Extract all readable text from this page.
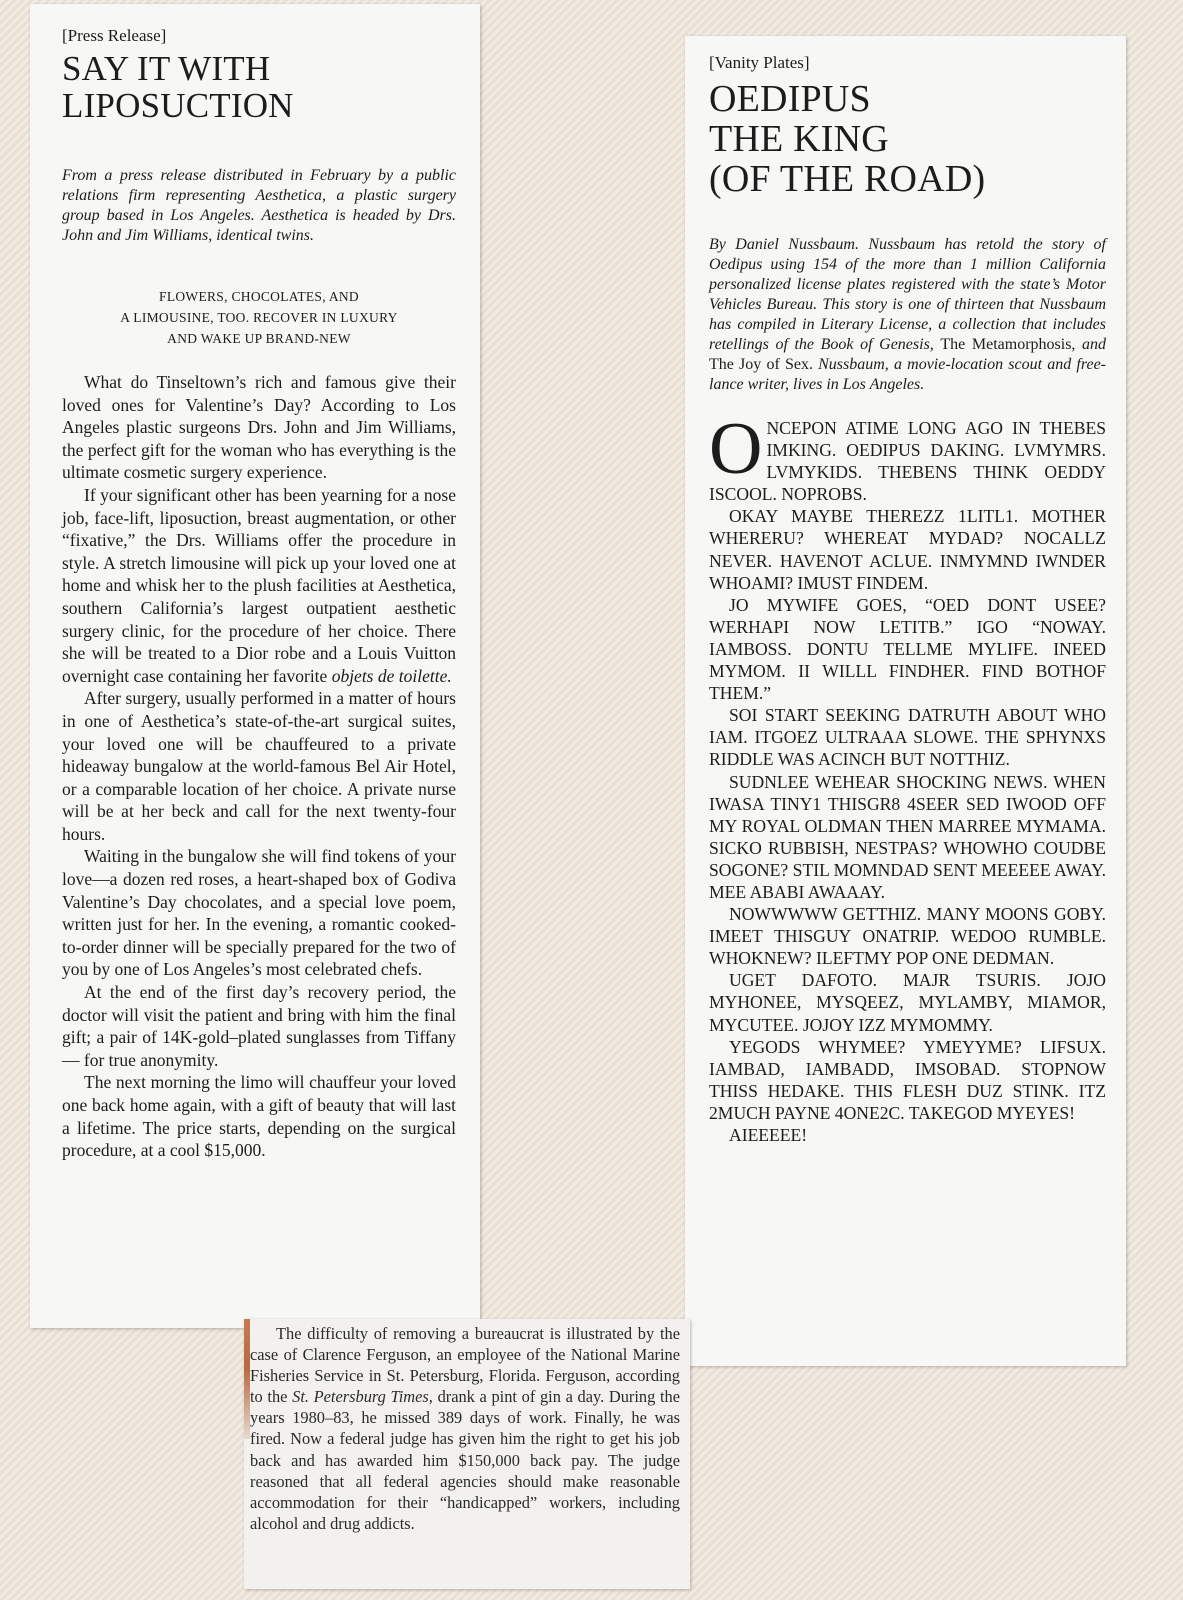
[Press Release]

SAY IT WITH
LIPOSUCTION

From a press release distributed in February by a public relations firm representing Aesthetica, a plastic surgery group based in Los Angeles. Aesthetica is headed by Drs. John and Jim Williams, identical twins.

FLOWERS, CHOCOLATES, AND
A LIMOUSINE, TOO. RECOVER IN LUXURY
AND WAKE UP BRAND-NEW

What do Tinseltown’s rich and famous give their loved ones for Valentine’s Day? According to Los Angeles plastic surgeons Drs. John and Jim Williams, the perfect gift for the woman who has everything is the ultimate cosmetic surgery experience.

If your significant other has been yearning for a nose job, face-lift, liposuction, breast augmentation, or other “fixative,” the Drs. Williams offer the procedure in style. A stretch limousine will pick up your loved one at home and whisk her to the plush facilities at Aesthetica, southern California’s largest outpatient aesthetic surgery clinic, for the procedure of her choice. There she will be treated to a Dior robe and a Louis Vuitton overnight case containing her favorite objets de toilette.

After surgery, usually performed in a matter of hours in one of Aesthetica’s state-of-the-art surgical suites, your loved one will be chauffeured to a private hideaway bungalow at the world-famous Bel Air Hotel, or a comparable location of her choice. A private nurse will be at her beck and call for the next twenty-four hours.

Waiting in the bungalow she will find tokens of your love—a dozen red roses, a heart-shaped box of Godiva Valentine’s Day chocolates, and a special love poem, written just for her. In the evening, a romantic cooked-to-order dinner will be specially prepared for the two of you by one of Los Angeles’s most celebrated chefs.

At the end of the first day’s recovery period, the doctor will visit the patient and bring with him the final gift; a pair of 14K-gold–plated sunglasses from Tiffany — for true anonymity.

The next morning the limo will chauffeur your loved one back home again, with a gift of beauty that will last a lifetime. The price starts, depending on the surgical procedure, at a cool $15,000.

[Vanity Plates]

OEDIPUS
THE KING
(OF THE ROAD)

By Daniel Nussbaum. Nussbaum has retold the story of Oedipus using 154 of the more than 1 million California personalized license plates registered with the state’s Motor Vehicles Bureau. This story is one of thirteen that Nussbaum has compiled in Literary License, a collection that includes retellings of the Book of Genesis, The Metamorphosis, and The Joy of Sex. Nussbaum, a movie-location scout and free-lance writer, lives in Los Angeles.

ONCEPON ATIME LONG AGO IN THEBES IMKING. OEDIPUS DAKING. LVMYMRS. LVMYKIDS. THEBENS THINK OEDDY ISCOOL. NOPROBS.

OKAY MAYBE THEREZZ 1LITL1. MOTHER WHERERU? WHEREAT MYDAD? NOCALLZ NEVER. HAVENOT ACLUE. INMYMND IWNDER WHOAMI? IMUST FINDEM.

JO MYWIFE GOES, “OED DONT USEE? WERHAPI NOW LETITB.” IGO “NOWAY. IAMBOSS. DONTU TELLME MYLIFE. INEED MYMOM. II WILLL FINDHER. FIND BOTHOF THEM.”

SOI START SEEKING DATRUTH ABOUT WHO IAM. ITGOEZ ULTRAAA SLOWE. THE SPHYNXS RIDDLE WAS ACINCH BUT NOTTHIZ.

SUDNLEE WEHEAR SHOCKING NEWS. WHEN IWASA TINY1 THISGR8 4SEER SED IWOOD OFF MY ROYAL OLDMAN THEN MARREE MYMAMA. SICKO RUBBISH, NESTPAS? WHOWHO COUDBE SOGONE? STIL MOMNDAD SENT MEEEEE AWAY. MEE ABABI AWAAAY.

NOWWWWW GETTHIZ. MANY MOONS GOBY. IMEET THISGUY ONATRIP. WEDOO RUMBLE. WHOKNEW? ILEFTMY POP ONE DEDMAN.

UGET DAFOTO. MAJR TSURIS. JOJO MYHONEE, MYSQEEZ, MYLAMBY, MIAMOR, MYCUTEE. JOJOY IZZ MYMOMMY.

YEGODS WHYMEE? YMEYYME? LIFSUX. IAMBAD, IAMBADD, IMSOBAD. STOPNOW THISS HEDAKE. THIS FLESH DUZ STINK. ITZ 2MUCH PAYNE 4ONE2C. TAKEGOD MYEYES!

AIEEEEE!

The difficulty of removing a bureaucrat is illustrated by the case of Clarence Ferguson, an employee of the National Marine Fisheries Service in St. Petersburg, Florida. Ferguson, according to the St. Petersburg Times, drank a pint of gin a day. During the years 1980–83, he missed 389 days of work. Finally, he was fired. Now a federal judge has given him the right to get his job back and has awarded him $150,000 back pay. The judge reasoned that all federal agencies should make reasonable accommodation for their “handicapped” workers, including alcohol and drug addicts.
